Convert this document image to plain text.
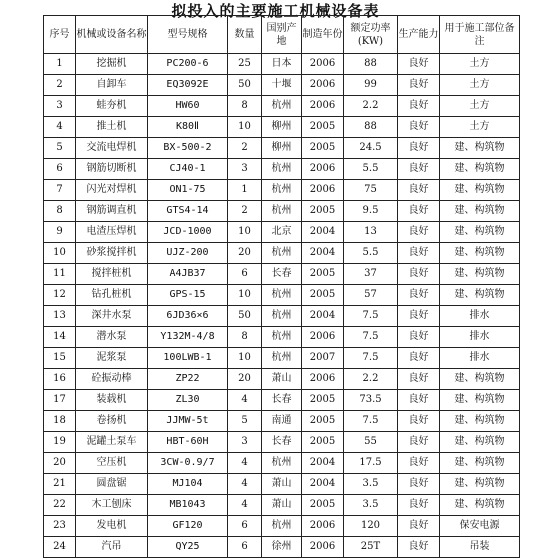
拟投入的主要施工机械设备表
序号	机械或设备名称	型号规格	数量	国别产地	制造年份	额定功率(KW)	生产能力	用于施工部位备注
1	挖掘机	PC200-6	25	日本	2006	88	良好	土方
2	自卸车	EQ3092E	50	十堰	2006	99	良好	土方
3	蛙夯机	HW60	8	杭州	2006	2.2	良好	土方
4	推土机	K80Ⅱ	10	柳州	2005	88	良好	土方
5	交流电焊机	BX-500-2	2	柳州	2005	24.5	良好	建、构筑物
6	钢筋切断机	CJ40-1	3	杭州	2006	5.5	良好	建、构筑物
7	闪光对焊机	ON1-75	1	杭州	2006	75	良好	建、构筑物
8	钢筋调直机	GTS4-14	2	杭州	2005	9.5	良好	建、构筑物
9	电渣压焊机	JCD-1000	10	北京	2004	13	良好	建、构筑物
10	砂浆搅拌机	UJZ-200	20	杭州	2004	5.5	良好	建、构筑物
11	搅拌桩机	A4JB37	6	长春	2005	37	良好	建、构筑物
12	钻孔桩机	GPS-15	10	杭州	2005	57	良好	建、构筑物
13	深井水泵	6JD36×6	50	杭州	2004	7.5	良好	排水
14	潜水泵	Y132M-4/8	8	杭州	2006	7.5	良好	排水
15	泥浆泵	100LWB-1	10	杭州	2007	7.5	良好	排水
16	砼振动棒	ZP22	20	萧山	2006	2.2	良好	建、构筑物
17	装载机	ZL30	4	长春	2005	73.5	良好	建、构筑物
18	卷扬机	JJMW-5t	5	南通	2005	7.5	良好	建、构筑物
19	泥罐土泵车	HBT-60H	3	长春	2005	55	良好	建、构筑物
20	空压机	3CW-0.9/7	4	杭州	2004	17.5	良好	建、构筑物
21	圆盘锯	MJ104	4	萧山	2004	3.5	良好	建、构筑物
22	木工刨床	MB1043	4	萧山	2005	3.5	良好	建、构筑物
23	发电机	GF120	6	杭州	2006	120	良好	保安电源
24	汽吊	QY25	6	徐州	2006	25T	良好	吊装
